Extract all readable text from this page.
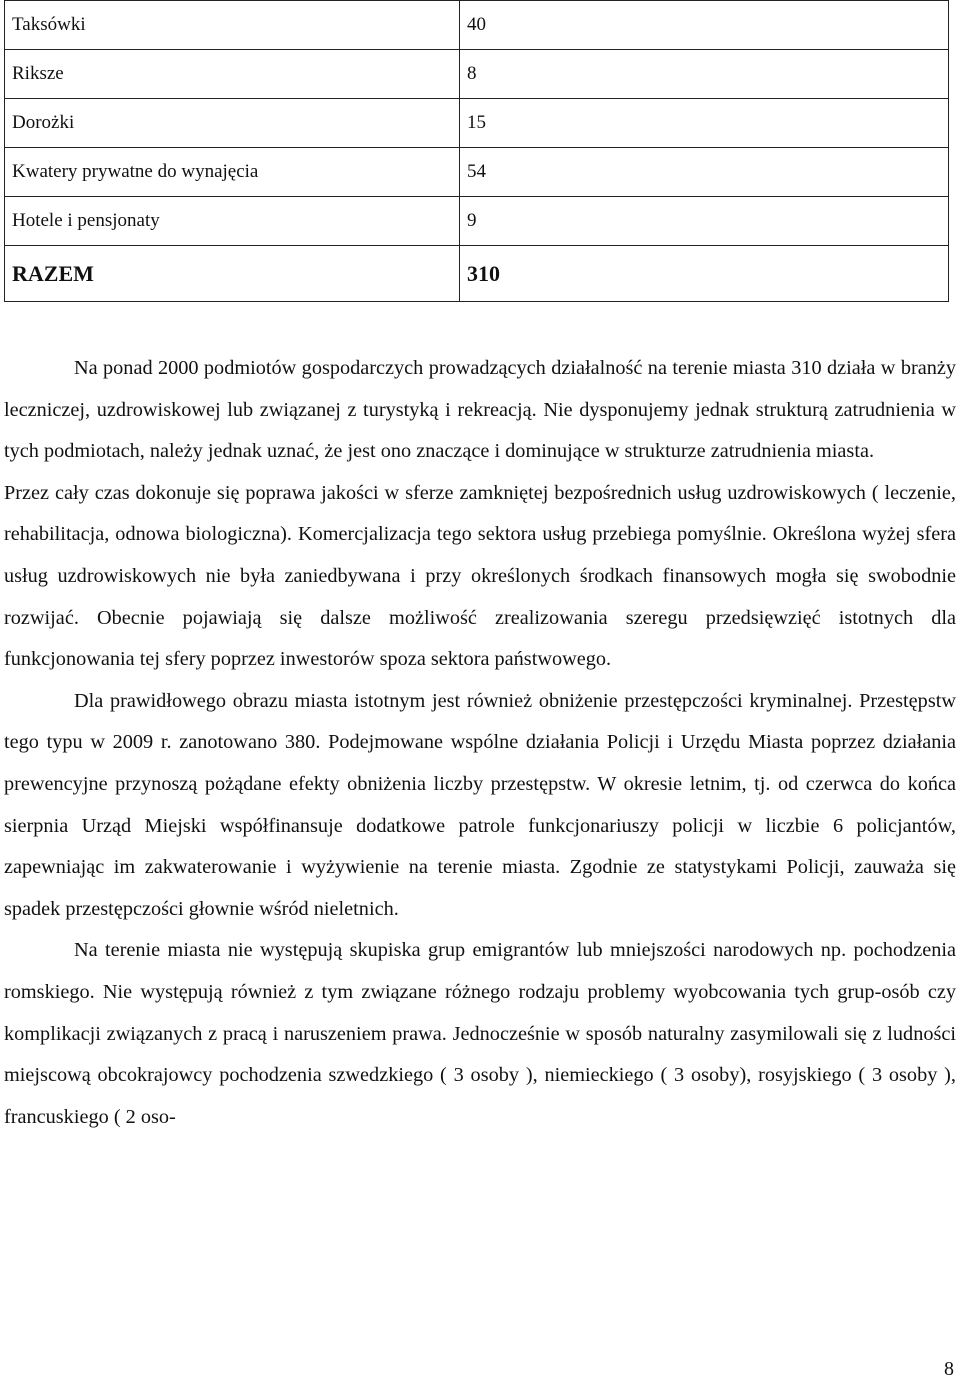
Taksówki	40
Riksze	8
Dorożki	15
Kwatery prywatne do wynajęcia	54
Hotele i pensjonaty	9
RAZEM	310

Na ponad 2000 podmiotów gospodarczych prowadzących działalność na terenie miasta 310 działa w branży leczniczej, uzdrowiskowej lub związanej z turystyką i rekreacją. Nie dysponujemy jednak strukturą zatrudnienia w tych podmiotach, należy jednak uznać, że jest ono znaczące i dominujące w strukturze zatrudnienia miasta.

Przez cały czas dokonuje się poprawa jakości w sferze zamkniętej bezpośrednich usług uzdrowiskowych ( leczenie, rehabilitacja, odnowa biologiczna). Komercjalizacja tego sektora usług przebiega pomyślnie. Określona wyżej sfera usług uzdrowiskowych nie była zaniedbywana i przy określonych środkach finansowych mogła się swobodnie rozwijać. Obecnie pojawiają się dalsze możliwość zrealizowania szeregu przedsięwzięć istotnych dla funkcjonowania tej sfery poprzez inwestorów spoza sektora państwowego.

Dla prawidłowego obrazu miasta istotnym jest również obniżenie przestępczości kryminalnej. Przestępstw tego typu w 2009 r. zanotowano 380. Podejmowane wspólne działania Policji i Urzędu Miasta poprzez działania prewencyjne przynoszą pożądane efekty obniżenia liczby przestępstw. W okresie letnim, tj. od czerwca do końca sierpnia Urząd Miejski współfinansuje dodatkowe patrole funkcjonariuszy policji w liczbie 6 policjantów, zapewniając im zakwaterowanie i wyżywienie na terenie miasta. Zgodnie ze statystykami Policji, zauważa się spadek przestępczości głownie wśród nieletnich.

Na terenie miasta nie występują skupiska grup emigrantów lub mniejszości narodowych np. pochodzenia romskiego. Nie występują również z tym związane różnego rodzaju problemy wyobcowania tych grup-osób czy komplikacji związanych z pracą i naruszeniem prawa. Jednocześnie w sposób naturalny zasymilowali się z ludności miejscową obcokrajowcy pochodzenia szwedzkiego ( 3 osoby ), niemieckiego ( 3 osoby), rosyjskiego ( 3 osoby ), francuskiego ( 2 oso-

8
